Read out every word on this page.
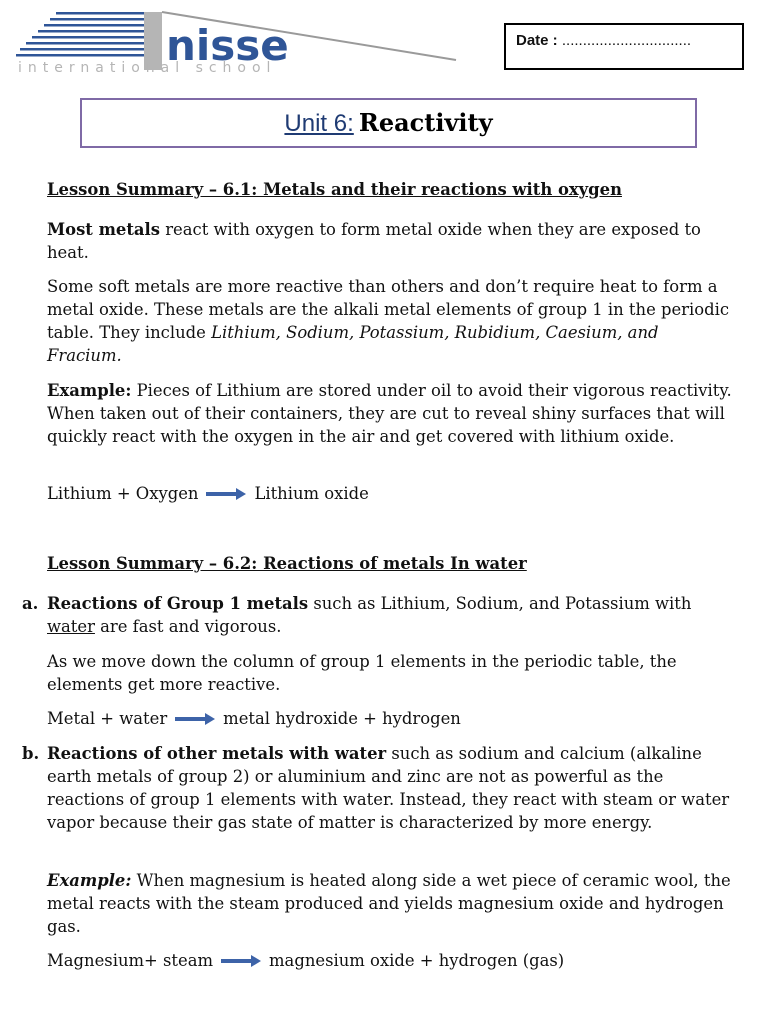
nisse
international school
Date : ...............................
Unit 6: Reactivity
Lesson Summary – 6.1: Metals and their reactions with oxygen
Most metals react with oxygen to form metal oxide when they are exposed to heat.
Some soft metals are more reactive than others and don’t require heat to form a metal oxide. These metals are the alkali metal elements of group 1 in the periodic table. They include Lithium, Sodium, Potassium, Rubidium, Caesium, and Fracium.
Example: Pieces of Lithium are stored under oil to avoid their vigorous reactivity. When taken out of their containers, they are cut to reveal shiny surfaces that will quickly react with the oxygen in the air and get covered with lithium oxide.
Lithium + Oxygen	Lithium oxide
Lesson Summary – 6.2: Reactions of metals In water
a. Reactions of Group 1 metals such as Lithium, Sodium, and Potassium with water are fast and vigorous.
As we move down the column of group 1 elements in the periodic table, the elements get more reactive.
Metal + water	metal hydroxide + hydrogen
b. Reactions of other metals with water such as sodium and calcium (alkaline earth metals of group 2) or aluminium and zinc are not as powerful as the reactions of group 1 elements with water. Instead, they react with steam or water vapor because their gas state of matter is characterized by more energy.
Example: When magnesium is heated along side a wet piece of ceramic wool, the metal reacts with the steam produced and yields magnesium oxide and hydrogen gas.
Magnesium+ steam	magnesium oxide + hydrogen (gas)
